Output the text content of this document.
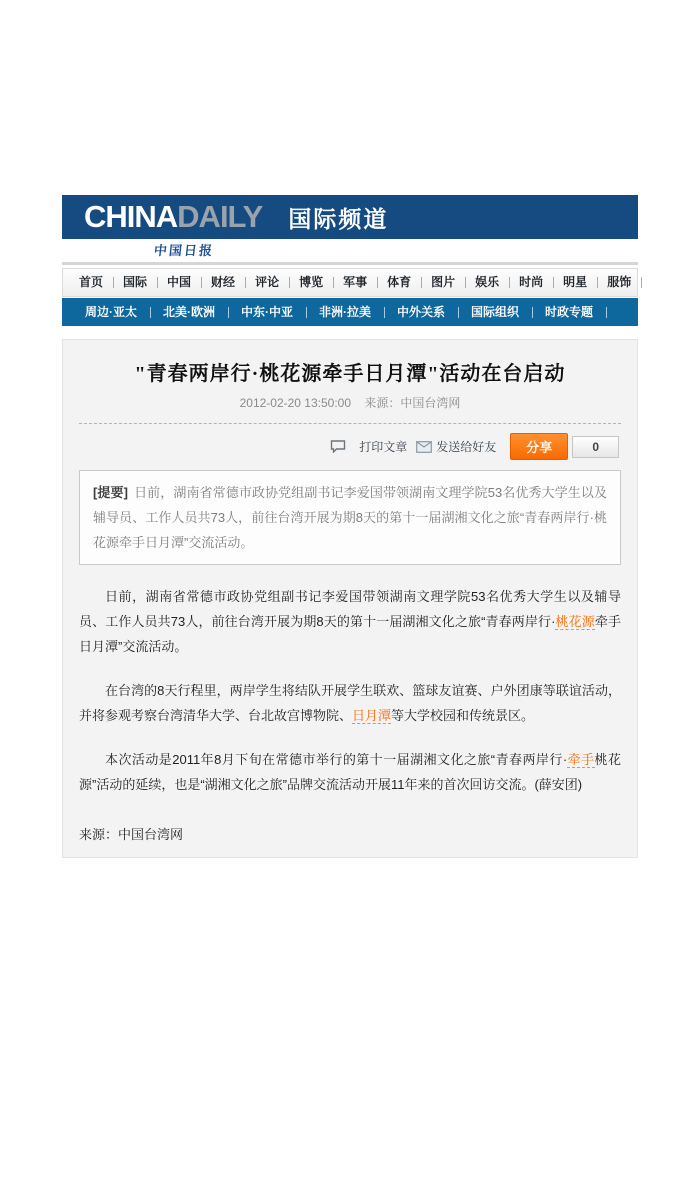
CHINADAILY 国际频道
中国日报
首页	国际	中国	财经	评论	博览	军事	体育	图片	娱乐	时尚	明星	服饰
周边·亚太	北美·欧洲	中东·中亚	非洲·拉美	中外关系	国际组织	时政专题
"青春两岸行·桃花源牵手日月潭"活动在台启动
2012-02-20 13:50:00 来源：中国台湾网
打印文章 发送给好友	分享	0
[提要] 日前，湖南省常德市政协党组副书记李爱国带领湖南文理学院53名优秀大学生以及辅导员、工作人员共73人，前往台湾开展为期8天的第十一届湖湘文化之旅“青春两岸行·桃花源牵手日月潭”交流活动。

日前，湖南省常德市政协党组副书记李爱国带领湖南文理学院53名优秀大学生以及辅导员、工作人员共73人，前往台湾开展为期8天的第十一届湖湘文化之旅“青春两岸行·桃花源牵手日月潭”交流活动。

在台湾的8天行程里，两岸学生将结队开展学生联欢、篮球友谊赛、户外团康等联谊活动，并将参观考察台湾清华大学、台北故宫博物院、日月潭等大学校园和传统景区。

本次活动是2011年8月下旬在常德市举行的第十一届湖湘文化之旅“青春两岸行·牵手桃花源”活动的延续，也是“湖湘文化之旅”品牌交流活动开展11年来的首次回访交流。(薛安团)

来源：中国台湾网
